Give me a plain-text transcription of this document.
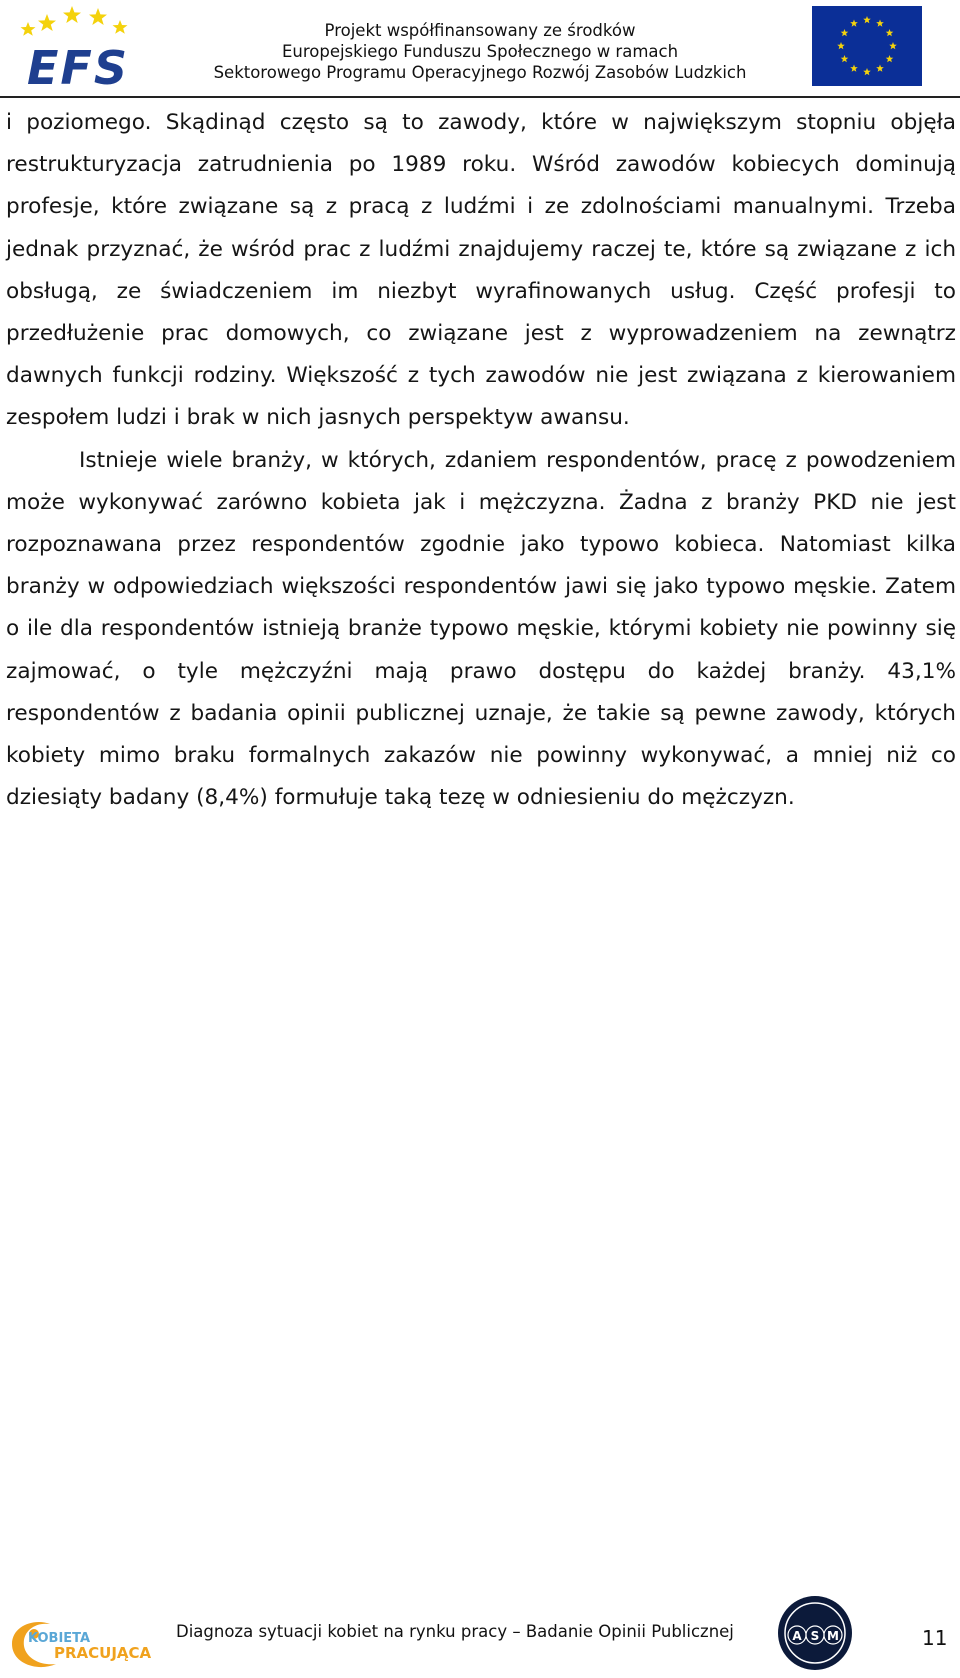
EFS
Projekt współfinansowany ze środków
Europejskiego Funduszu Społecznego w ramach
Sektorowego Programu Operacyjnego Rozwój Zasobów Ludzkich

i poziomego. Skądinąd często są to zawody, które w największym stopniu objęła restrukturyzacja zatrudnienia po 1989 roku. Wśród zawodów kobiecych dominują profesje, które związane są z pracą z ludźmi i ze zdolnościami manualnymi. Trzeba jednak przyznać, że wśród prac z ludźmi znajdujemy raczej te, które są związane z ich obsługą, ze świadczeniem im niezbyt wyrafinowanych usług. Część profesji to przedłużenie prac domowych, co związane jest z wyprowadzeniem na zewnątrz dawnych funkcji rodziny. Większość z tych zawodów nie jest związana z kierowaniem zespołem ludzi i brak w nich jasnych perspektyw awansu.

Istnieje wiele branży, w których, zdaniem respondentów, pracę z powodzeniem może wykonywać zarówno kobieta jak i mężczyzna. Żadna z branży PKD nie jest rozpoznawana przez respondentów zgodnie jako typowo kobieca. Natomiast kilka branży w odpowiedziach większości respondentów jawi się jako typowo męskie. Zatem o ile dla respondentów istnieją branże typowo męskie, którymi kobiety nie powinny się zajmować, o tyle mężczyźni mają prawo dostępu do każdej branży. 43,1% respondentów z badania opinii publicznej uznaje, że takie są pewne zawody, których kobiety mimo braku formalnych zakazów nie powinny wykonywać, a mniej niż co dziesiąty badany (8,4%) formułuje taką tezę w odniesieniu do mężczyzn.

KOBIETA
PRACUJĄCA
Diagnoza sytuacji kobiet na rynku pracy – Badanie Opinii Publicznej	A S M	11
